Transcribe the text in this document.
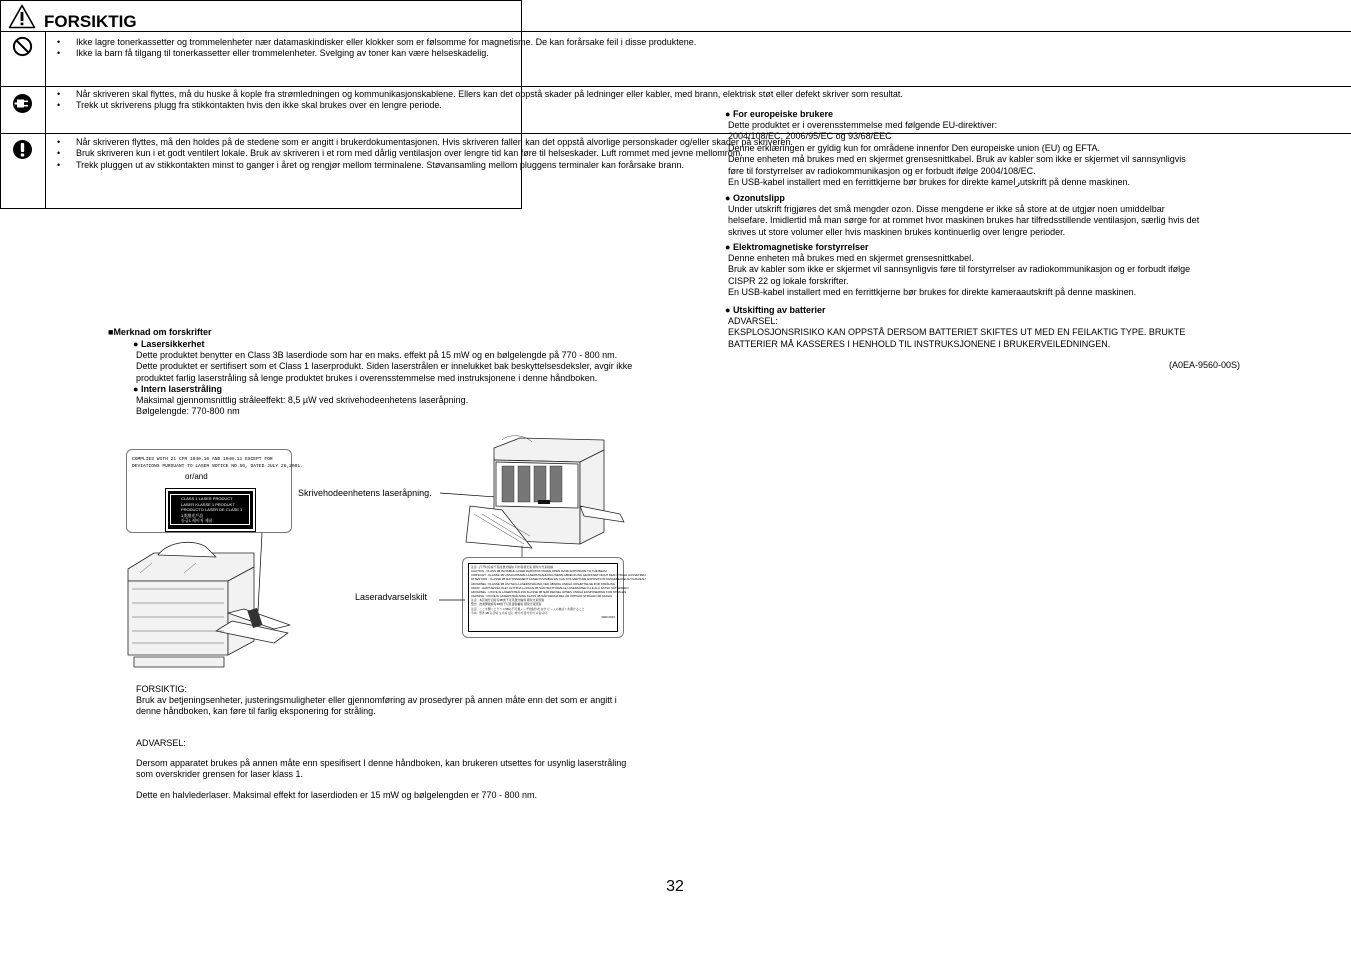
FORSIKTIG
• Ikke lagre tonerkassetter og trommelenheter nær datamaskindisker eller klokker som er følsomme for magnetisme. De kan forårsake feil i disse produktene.
• Ikke la barn få tilgang til tonerkassetter eller trommelenheter. Svelging av toner kan være helseskadelig.
• Når skriveren skal flyttes, må du huske å kople fra strømledningen og kommunikasjonskablene. Ellers kan det oppstå skader på ledninger eller kabler, med brann, elektrisk støt eller defekt skriver som resultat.
• Trekk ut skriverens plugg fra stikkontakten hvis den ikke skal brukes over en lengre periode.
• Når skriveren flyttes, må den holdes på de stedene som er angitt i brukerdokumentasjonen. Hvis skriveren faller, kan det oppstå alvorlige personskader og/eller skader på skriveren.
• Bruk skriveren kun i et godt ventilert lokale. Bruk av skriveren i et rom med dårlig ventilasjon over lengre tid kan føre til helseskader. Luft rommet med jevne mellomrom.
• Trekk pluggen ut av stikkontakten minst to ganger i året og rengjør mellom terminalene. Støvansamling mellom pluggens terminaler kan forårsake brann.
■Merknad om forskrifter
● Lasersikkerhet
Dette produktet benytter en Class 3B laserdiode som har en maks. effekt på 15 mW og en bølgelengde på 770 - 800 nm.
Dette produktet er sertifisert som et Class 1 laserprodukt. Siden laserstrålen er innelukket bak beskyttelsesdeksler, avgir ikke
produktet farlig laserstråling så lenge produktet brukes i overensstemmelse med instruksjonene i denne håndboken.
● Intern laserstråling
Maksimal gjennomsnittlig stråleeffekt: 8,5 µW ved skrivehodeenhetens laseråpning.
Bølgelengde: 770-800 nm
COMPLIES WITH 21 CFR 1040.10 AND 1040.11 EXCEPT FOR
DEVIATIONS PURSUANT TO LASER NOTICE NO.50, DATED JULY 26,2001.
or/and
CLASS 1 LASER PRODUCT
LASER KLASSE 1 PRODUKT
PRODUCTO LASER DE CLASE 1
1类激光产品
등급1 레이저 제품
Skrivehodeenhetens laseråpning.
注意 : 打开时有看不见的激光辐射 切勿直视光束 避免与光束接触
CAUTION : CLASS 3B INVISIBLE LASER RADIATION WHEN OPEN AVOID EXPOSURE TO THE BEAM
VORSICHT : KLASSE 3B UNSICHTBARE LASERSTRAHLUNG WENN ABDECKUNG GEÖFFNET NICHT DEM STRAHL AUSSETZEN
ATTENTION : CLASSE 3B RAYONNEMENT LASER INVISIBLE EN CAS D'OUVERTURE EXPOSITION DANGEREUSE AU FAISCEAU
ADVARSEL : KLASSE 3B USYNLIG LASERSTRÅLING VED ÅBNING UNDGÅ UDSÆTTELSE FOR STRÅLING
VARO! : AVATTAESSA OLET ALTTIINA LUOKAN 3B NÄKYMÄTTÖMÄLLE LASERSÄTEILYLLE ÄLÄ KATSO SÄTEESEEN
ADVARSEL : USYNLIG LASERSTRÅLING KLASSE 3B NÅR DEKSEL ÅPNES UNNGÅ EKSPONERING FOR STRÅLEN
VARNING : OSYNLIG LASERSTRÅLNING KLASS 3B NÄR DENNA DEL ÄR ÖPPNAD STRÅLEN ÄR FARLIG
注意 : 本区域开启时有3B类不可见激光辐射 避免光束照射
警告 : 此處開啟時有3B級不可見雷射輻射 避免光束照射
注意 : ここを開くとクラス3Bの不可視レーザ放射が出ます ビームの被ばくを避けること
주의 : 열면 3B 등급의 보이지 않는 레이저 방사선이 나옵니다
4060-0001
Laseradvarselskilt
FORSIKTIG:
Bruk av betjeningsenheter, justeringsmuligheter eller gjennomføring av prosedyrer på annen måte enn det som er angitt i
denne håndboken, kan føre til farlig eksponering for stråling.
ADVARSEL:
Dersom apparatet brukes på annen måte enn spesifisert I denne håndboken, kan brukeren utsettes for usynlig laserstråling
som overskrider grensen for laser klass 1.
Dette en halvlederlaser. Maksimal effekt for laserdioden er 15 mW og bølgelengden er 770 - 800 nm.
● For europeiske brukere
Dette produktet er i overensstemmelse med følgende EU-direktiver:
2004/108/EC, 2006/95/EC og 93/68/EEC
Denne erklæringen er gyldig kun for områdene innenfor Den europeiske union (EU) og EFTA.
Denne enheten må brukes med en skjermet grensesnittkabel. Bruk av kabler som ikke er skjermet vil sannsynligvis
føre til forstyrrelser av radiokommunikasjon og er forbudt ifølge 2004/108/EC.
En USB-kabel installert med en ferrittkjerne bør brukes for direkte kameراutskrift på denne maskinen.
● Ozonutslipp
Under utskrift frigjøres det små mengder ozon. Disse mengdene er ikke så store at de utgjør noen umiddelbar
helsefare. Imidlertid må man sørge for at rommet hvor maskinen brukes har tilfredsstillende ventilasjon, særlig hvis det
skrives ut store volumer eller hvis maskinen brukes kontinuerlig over lengre perioder.
● Elektromagnetiske forstyrrelser
Denne enheten må brukes med en skjermet grensesnittkabel.
Bruk av kabler som ikke er skjermet vil sannsynligvis føre til forstyrrelser av radiokommunikasjon og er forbudt ifølge
CISPR 22 og lokale forskrifter.
En USB-kabel installert med en ferrittkjerne bør brukes for direkte kameraautskrift på denne maskinen.
● Utskifting av batterier
ADVARSEL:
EKSPLOSJONSRISIKO KAN OPPSTÅ DERSOM BATTERIET SKIFTES UT MED EN FEILAKTIG TYPE. BRUKTE
BATTERIER MÅ KASSERES I HENHOLD TIL INSTRUKSJONENE I BRUKERVEILEDNINGEN.
(A0EA-9560-00S)
32
